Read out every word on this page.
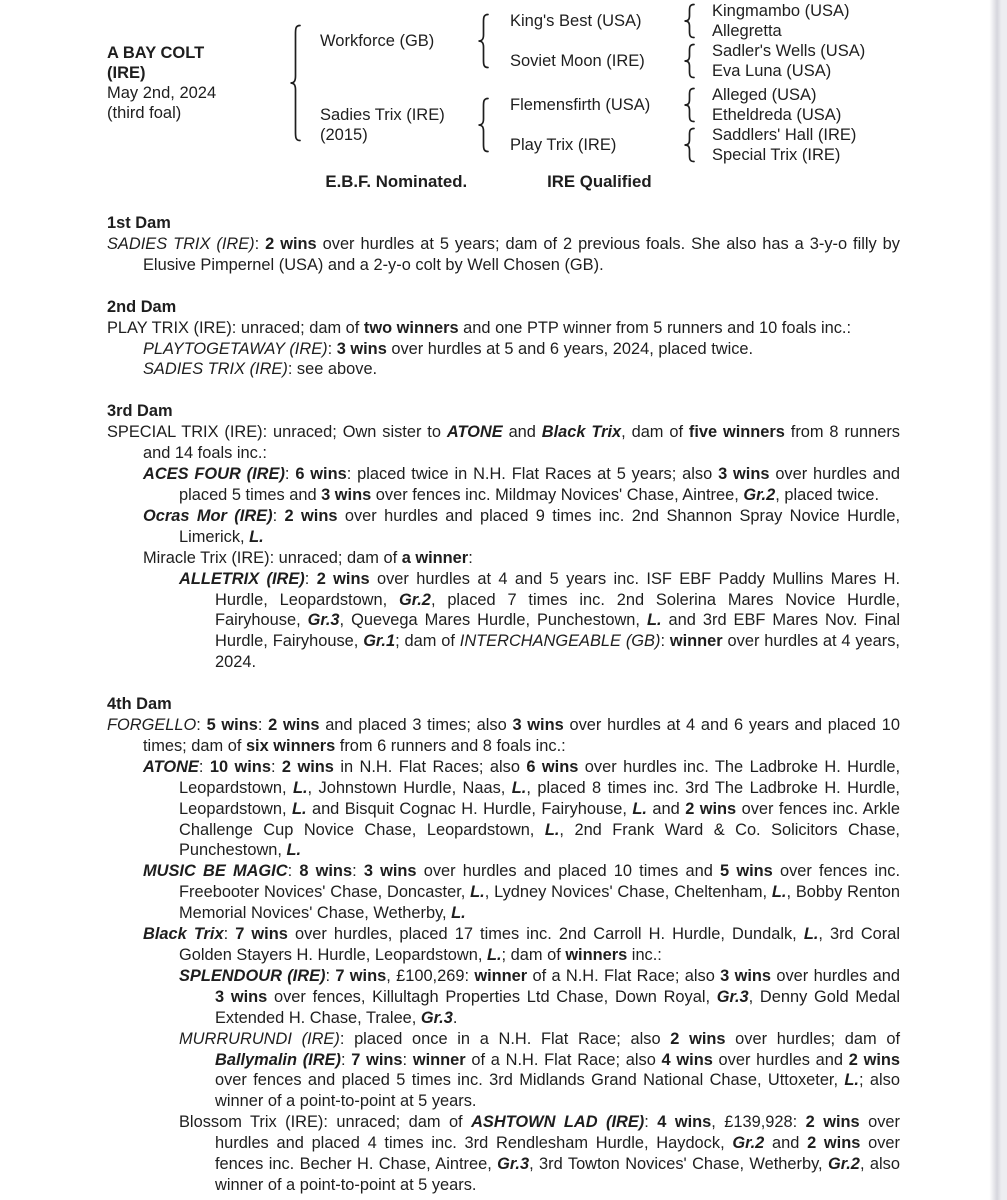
A BAY COLT
(IRE)
May 2nd, 2024
(third foal)
Workforce (GB)
King's Best (USA)
Kingmambo (USA)
Allegretta
Soviet Moon (IRE)
Sadler's Wells (USA)
Eva Luna (USA)
Sadies Trix (IRE)
(2015)
Flemensfirth (USA)
Alleged (USA)
Etheldreda (USA)
Play Trix (IRE)
Saddlers' Hall (IRE)
Special Trix (IRE)
E.B.F. Nominated.	IRE Qualified
1st Dam

SADIES TRIX (IRE): 2 wins over hurdles at 5 years; dam of 2 previous foals. She also has a 3-y-o filly by Elusive Pimpernel (USA) and a 2-y-o colt by Well Chosen (GB).

2nd Dam

PLAY TRIX (IRE): unraced; dam of two winners and one PTP winner from 5 runners and 10 foals inc.:

PLAYTOGETAWAY (IRE): 3 wins over hurdles at 5 and 6 years, 2024, placed twice.

SADIES TRIX (IRE): see above.

3rd Dam

SPECIAL TRIX (IRE): unraced; Own sister to ATONE and Black Trix, dam of five winners from 8 runners and 14 foals inc.:

ACES FOUR (IRE): 6 wins: placed twice in N.H. Flat Races at 5 years; also 3 wins over hurdles and placed 5 times and 3 wins over fences inc. Mildmay Novices' Chase, Aintree, Gr.2, placed twice.

Ocras Mor (IRE): 2 wins over hurdles and placed 9 times inc. 2nd Shannon Spray Novice Hurdle, Limerick, L.

Miracle Trix (IRE): unraced; dam of a winner:

ALLETRIX (IRE): 2 wins over hurdles at 4 and 5 years inc. ISF EBF Paddy Mullins Mares H. Hurdle, Leopardstown, Gr.2, placed 7 times inc. 2nd Solerina Mares Novice Hurdle, Fairyhouse, Gr.3, Quevega Mares Hurdle, Punchestown, L. and 3rd EBF Mares Nov. Final Hurdle, Fairyhouse, Gr.1; dam of INTERCHANGEABLE (GB): winner over hurdles at 4 years, 2024.

4th Dam

FORGELLO: 5 wins: 2 wins and placed 3 times; also 3 wins over hurdles at 4 and 6 years and placed 10 times; dam of six winners from 6 runners and 8 foals inc.:

ATONE: 10 wins: 2 wins in N.H. Flat Races; also 6 wins over hurdles inc. The Ladbroke H. Hurdle, Leopardstown, L., Johnstown Hurdle, Naas, L., placed 8 times inc. 3rd The Ladbroke H. Hurdle, Leopardstown, L. and Bisquit Cognac H. Hurdle, Fairyhouse, L. and 2 wins over fences inc. Arkle Challenge Cup Novice Chase, Leopardstown, L., 2nd Frank Ward & Co. Solicitors Chase, Punchestown, L.

MUSIC BE MAGIC: 8 wins: 3 wins over hurdles and placed 10 times and 5 wins over fences inc. Freebooter Novices' Chase, Doncaster, L., Lydney Novices' Chase, Cheltenham, L., Bobby Renton Memorial Novices' Chase, Wetherby, L.

Black Trix: 7 wins over hurdles, placed 17 times inc. 2nd Carroll H. Hurdle, Dundalk, L., 3rd Coral Golden Stayers H. Hurdle, Leopardstown, L.; dam of winners inc.:

SPLENDOUR (IRE): 7 wins, £100,269: winner of a N.H. Flat Race; also 3 wins over hurdles and 3 wins over fences, Killultagh Properties Ltd Chase, Down Royal, Gr.3, Denny Gold Medal Extended H. Chase, Tralee, Gr.3.

MURRURUNDI (IRE): placed once in a N.H. Flat Race; also 2 wins over hurdles; dam of Ballymalin (IRE): 7 wins: winner of a N.H. Flat Race; also 4 wins over hurdles and 2 wins over fences and placed 5 times inc. 3rd Midlands Grand National Chase, Uttoxeter, L.; also winner of a point-to-point at 5 years.

Blossom Trix (IRE): unraced; dam of ASHTOWN LAD (IRE): 4 wins, £139,928: 2 wins over hurdles and placed 4 times inc. 3rd Rendlesham Hurdle, Haydock, Gr.2 and 2 wins over fences inc. Becher H. Chase, Aintree, Gr.3, 3rd Towton Novices' Chase, Wetherby, Gr.2, also winner of a point-to-point at 5 years.
